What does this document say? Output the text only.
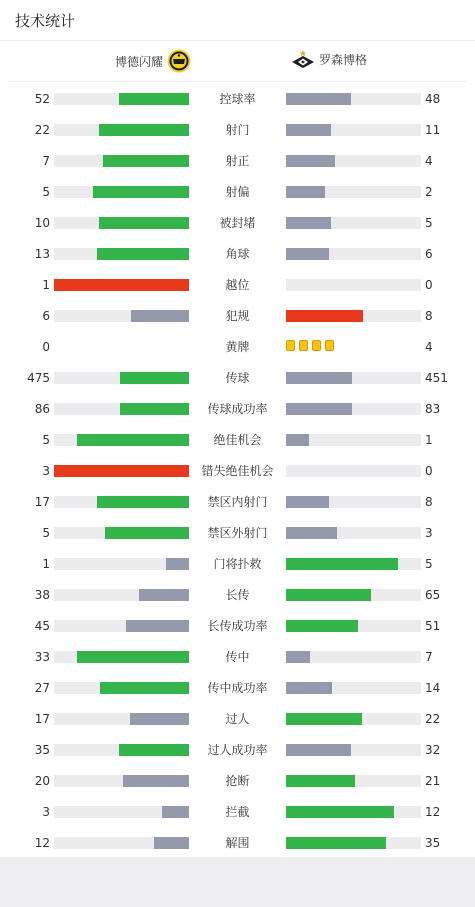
技术统计
博德闪耀	罗森博格
52	控球率	48
22	射门	11
7	射正	4
5	射偏	2
10	被封堵	5
13	角球	6
1	越位	0
6	犯规	8
0	黄牌	4
475	传球	451
86	传球成功率	83
5	绝佳机会	1
3	错失绝佳机会	0
17	禁区内射门	8
5	禁区外射门	3
1	门将扑救	5
38	长传	65
45	长传成功率	51
33	传中	7
27	传中成功率	14
17	过人	22
35	过人成功率	32
20	抢断	21
3	拦截	12
12	解围	35
